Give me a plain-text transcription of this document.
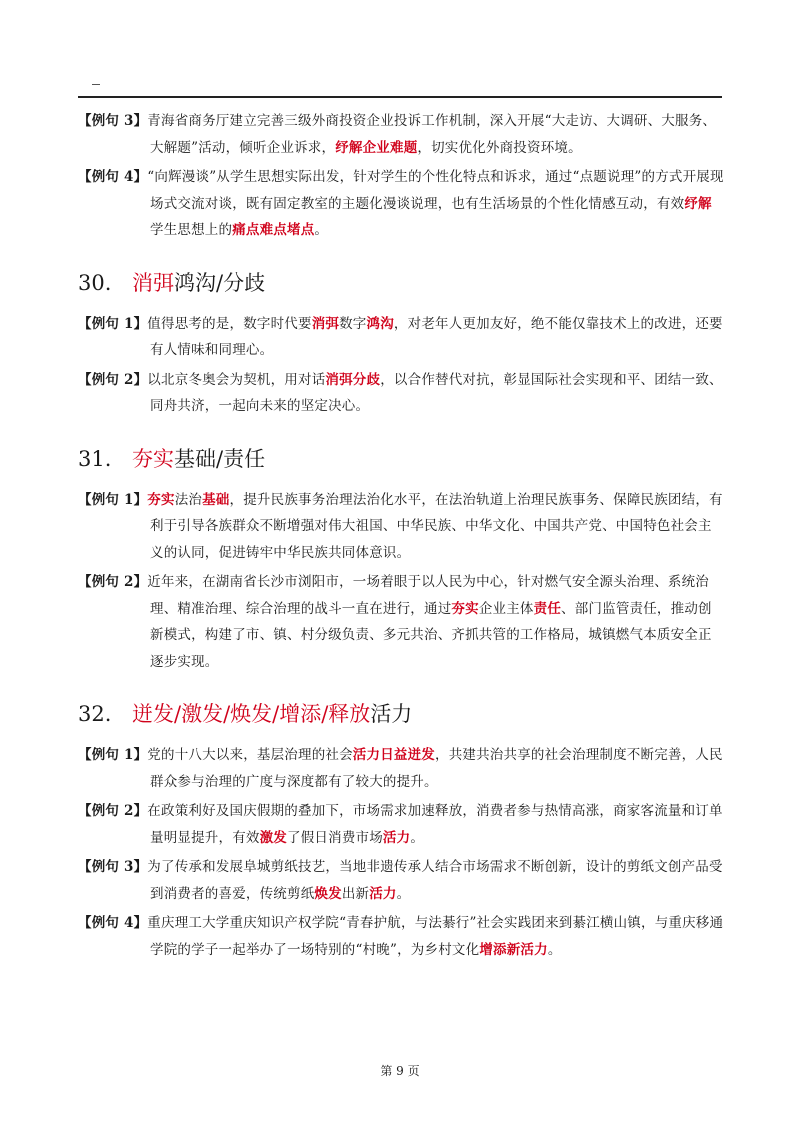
【例句 3】青海省商务厅建立完善三级外商投资企业投诉工作机制，深入开展“大走访、大调研、大服务、大解题”活动，倾听企业诉求，纾解企业难题，切实优化外商投资环境。
【例句 4】“向辉漫谈”从学生思想实际出发，针对学生的个性化特点和诉求，通过“点题说理”的方式开展现场式交流对谈，既有固定教室的主题化漫谈说理，也有生活场景的个性化情感互动，有效纾解学生思想上的痛点难点堵点。
30. 消弭鸿沟/分歧
【例句 1】值得思考的是，数字时代要消弭数字鸿沟，对老年人更加友好，绝不能仅靠技术上的改进，还要有人情味和同理心。
【例句 2】以北京冬奥会为契机，用对话消弭分歧，以合作替代对抗，彰显国际社会实现和平、团结一致、同舟共济，一起向未来的坚定决心。
31. 夯实基础/责任
【例句 1】夯实法治基础，提升民族事务治理法治化水平，在法治轨道上治理民族事务、保障民族团结，有利于引导各族群众不断增强对伟大祖国、中华民族、中华文化、中国共产党、中国特色社会主义的认同，促进铸牢中华民族共同体意识。
【例句 2】近年来，在湖南省长沙市浏阳市，一场着眼于以人民为中心，针对燃气安全源头治理、系统治理、精准治理、综合治理的战斗一直在进行，通过夯实企业主体责任、部门监管责任，推动创新模式，构建了市、镇、村分级负责、多元共治、齐抓共管的工作格局，城镇燃气本质安全正逐步实现。
32. 迸发/激发/焕发/增添/释放活力
【例句 1】党的十八大以来，基层治理的社会活力日益迸发，共建共治共享的社会治理制度不断完善，人民群众参与治理的广度与深度都有了较大的提升。
【例句 2】在政策利好及国庆假期的叠加下，市场需求加速释放，消费者参与热情高涨，商家客流量和订单量明显提升，有效激发了假日消费市场活力。
【例句 3】为了传承和发展阜城剪纸技艺，当地非遗传承人结合市场需求不断创新，设计的剪纸文创产品受到消费者的喜爱，传统剪纸焕发出新活力。
【例句 4】重庆理工大学重庆知识产权学院“青春护航，与法綦行”社会实践团来到綦江横山镇，与重庆移通学院的学子一起举办了一场特别的“村晚”，为乡村文化增添新活力。
第 9 页
